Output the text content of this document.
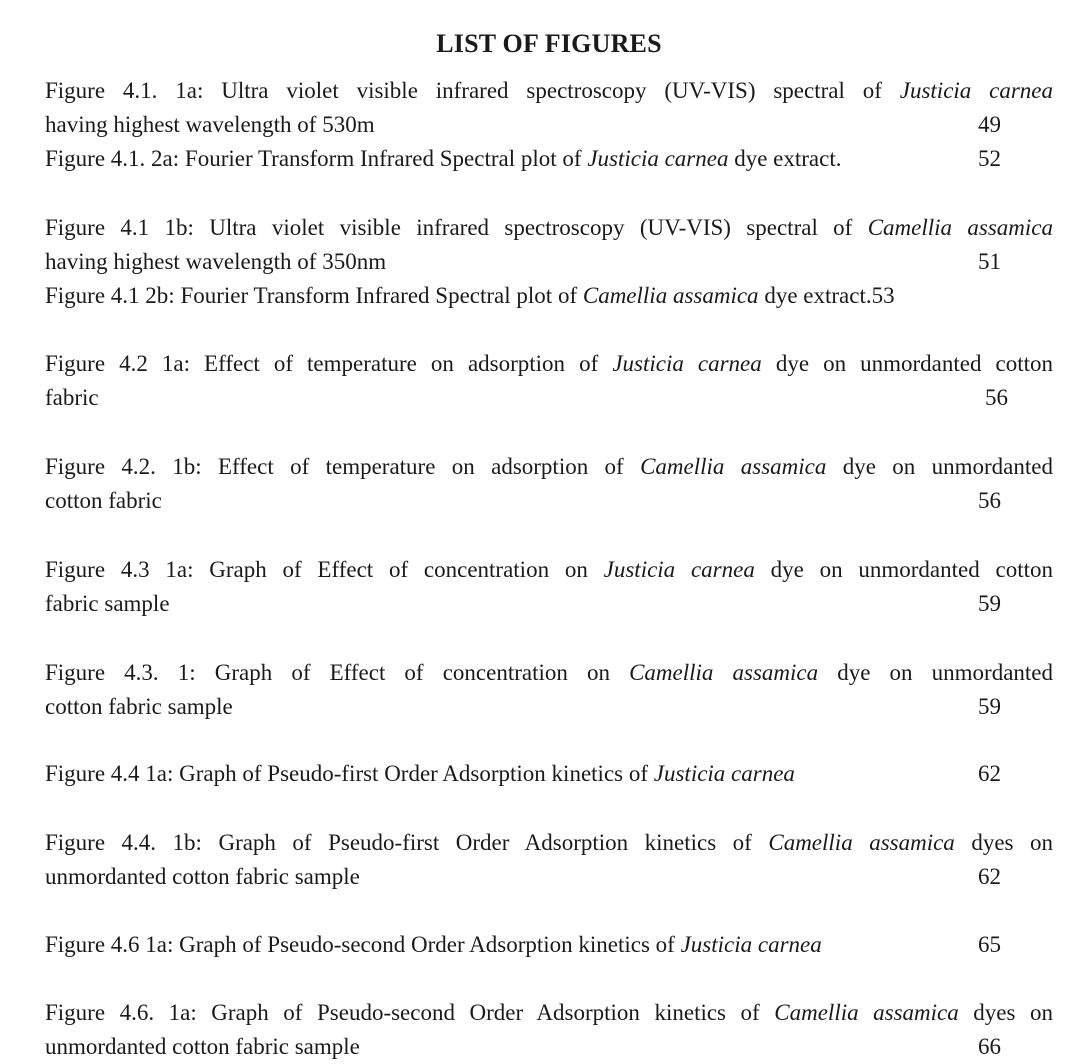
LIST OF FIGURES
Figure 4.1. 1a: Ultra violet visible infrared spectroscopy (UV-VIS) spectral of Justicia carnea
having highest wavelength of 530m	49
Figure 4.1. 2a: Fourier Transform Infrared Spectral plot of Justicia carnea dye extract.	52
Figure 4.1 1b: Ultra violet visible infrared spectroscopy (UV-VIS) spectral of Camellia assamica
having highest wavelength of 350nm	51
Figure 4.1 2b: Fourier Transform Infrared Spectral plot of Camellia assamica dye extract.53
Figure 4.2 1a: Effect of temperature on adsorption of Justicia carnea dye on unmordanted cotton
fabric	56
Figure 4.2. 1b: Effect of temperature on adsorption of Camellia assamica dye on unmordanted
cotton fabric	56
Figure 4.3 1a: Graph of Effect of concentration on Justicia carnea dye on unmordanted cotton
fabric sample	59
Figure 4.3. 1: Graph of Effect of concentration on Camellia assamica dye on unmordanted
cotton fabric sample	59
Figure 4.4 1a: Graph of Pseudo-first Order Adsorption kinetics of Justicia carnea	62
Figure 4.4. 1b: Graph of Pseudo-first Order Adsorption kinetics of Camellia assamica dyes on
unmordanted cotton fabric sample	62
Figure 4.6 1a: Graph of Pseudo-second Order Adsorption kinetics of Justicia carnea	65
Figure 4.6. 1a: Graph of Pseudo-second Order Adsorption kinetics of Camellia assamica dyes on
unmordanted cotton fabric sample	66
